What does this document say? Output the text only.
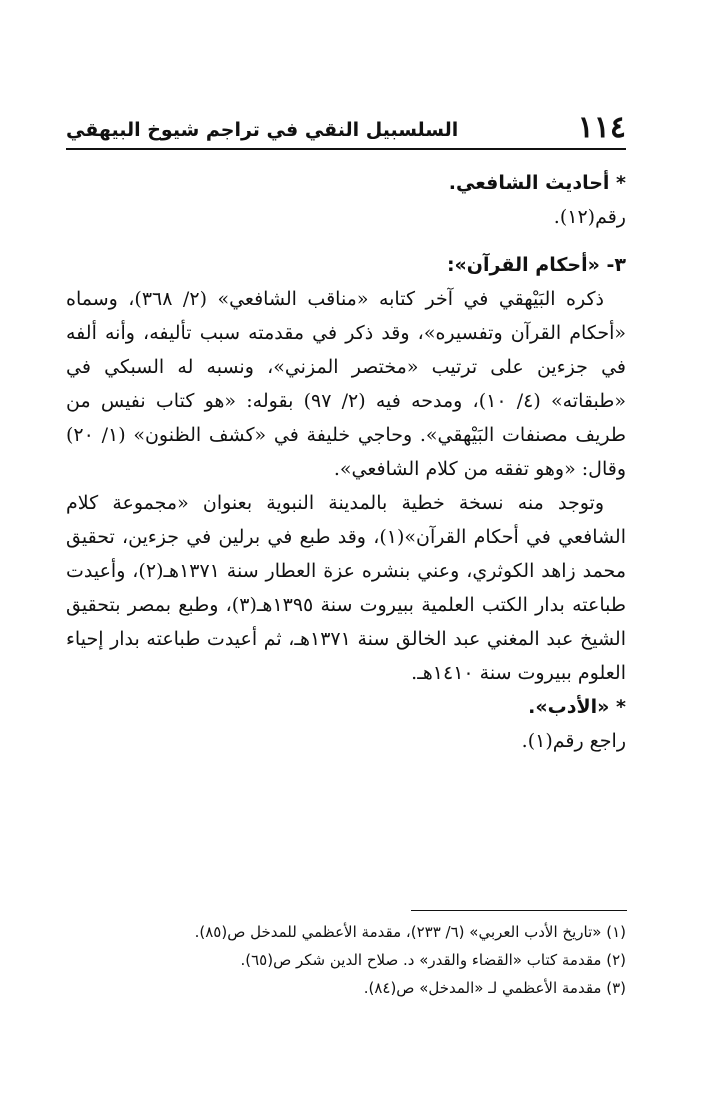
١١٤
السلسبيل النقي في تراجم شيوخ البيهقي

* أحاديث الشافعي.

رقم(١٢).

٣- «أحكام القرآن»:

ذكره البَيْهقي في آخر كتابه «مناقب الشافعي» (٢/ ٣٦٨)، وسماه «أحكام القرآن وتفسيره»، وقد ذكر في مقدمته سبب تأليفه، وأنه ألفه في جزءين على ترتيب «مختصر المزني»، ونسبه له السبكي في «طبقاته» (٤/ ١٠)، ومدحه فيه (٢/ ٩٧) بقوله: «هو كتاب نفيس من طريف مصنفات البَيْهقي». وحاجي خليفة في «كشف الظنون» (١/ ٢٠) وقال: «وهو تفقه من كلام الشافعي».

وتوجد منه نسخة خطية بالمدينة النبوية بعنوان «مجموعة كلام الشافعي في أحكام القرآن»(١)، وقد طبع في برلين في جزءين، تحقيق محمد زاهد الكوثري، وعني بنشره عزة العطار سنة ١٣٧١هـ(٢)، وأعيدت طباعته بدار الكتب العلمية ببيروت سنة ١٣٩٥هـ(٣)، وطبع بمصر بتحقيق الشيخ عبد المغني عبد الخالق سنة ١٣٧١هـ، ثم أعيدت طباعته بدار إحياء العلوم ببيروت سنة ١٤١٠هـ.

* «الأدب».

راجع رقم(١).

(١) «تاريخ الأدب العربي» (٦/ ٢٣٣)، مقدمة الأعظمي للمدخل ص(٨٥).

(٢) مقدمة كتاب «القضاء والقدر» د. صلاح الدين شكر ص(٦٥).

(٣) مقدمة الأعظمي لـ «المدخل» ص(٨٤).
